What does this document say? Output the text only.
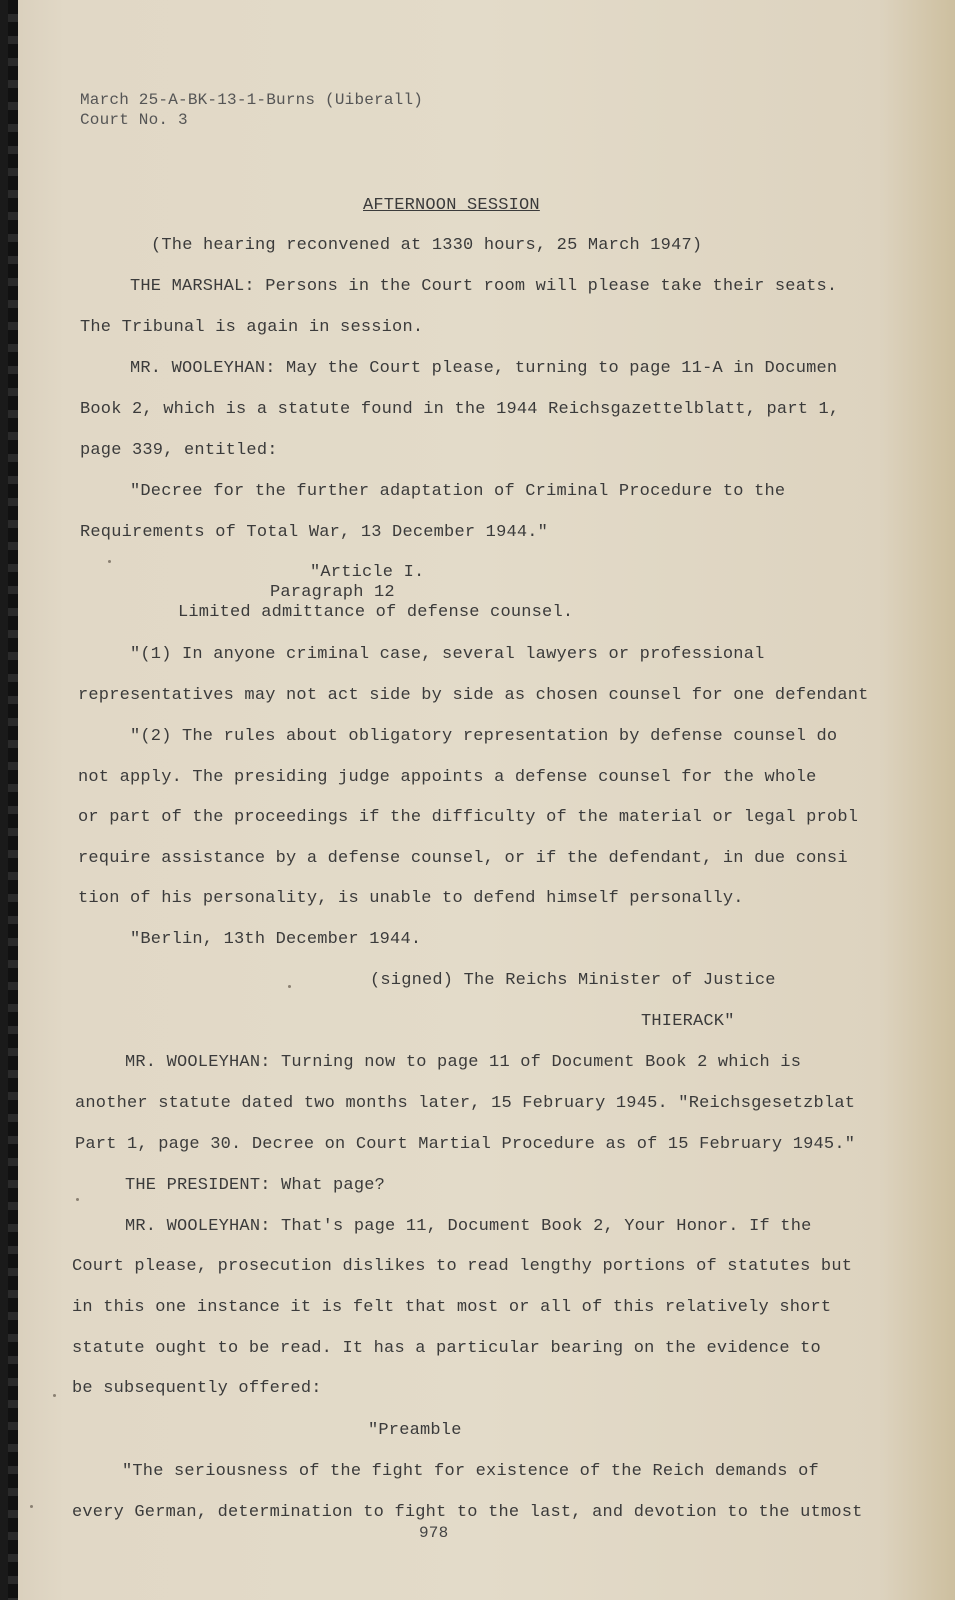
March 25-A-BK-13-1-Burns (Uiberall)
Court No. 3
AFTERNOON SESSION
(The hearing reconvened at 1330 hours, 25 March 1947)
THE MARSHAL: Persons in the Court room will please take their seats.
The Tribunal is again in session.
MR. WOOLEYHAN: May the Court please, turning to page 11-A in Documen
Book 2, which is a statute found in the 1944 Reichsgazettelblatt, part 1,
page 339, entitled:
"Decree for the further adaptation of Criminal Procedure to the
Requirements of Total War, 13 December 1944."
"Article I.
Paragraph 12
Limited admittance of defense counsel.
"(1) In anyone criminal case, several lawyers or professional
representatives may not act side by side as chosen counsel for one defendant
"(2) The rules about obligatory representation by defense counsel do
not apply. The presiding judge appoints a defense counsel for the whole
or part of the proceedings if the difficulty of the material or legal probl
require assistance by a defense counsel, or if the defendant, in due consi
tion of his personality, is unable to defend himself personally.
"Berlin, 13th December 1944.
(signed) The Reichs Minister of Justice
THIERACK"
MR. WOOLEYHAN: Turning now to page 11 of Document Book 2 which is
another statute dated two months later, 15 February 1945. "Reichsgesetzblat
Part 1, page 30. Decree on Court Martial Procedure as of 15 February 1945."
THE PRESIDENT: What page?
MR. WOOLEYHAN: That's page 11, Document Book 2, Your Honor. If the
Court please, prosecution dislikes to read lengthy portions of statutes but
in this one instance it is felt that most or all of this relatively short
statute ought to be read. It has a particular bearing on the evidence to
be subsequently offered:
"Preamble
"The seriousness of the fight for existence of the Reich demands of
every German, determination to fight to the last, and devotion to the utmost
978
